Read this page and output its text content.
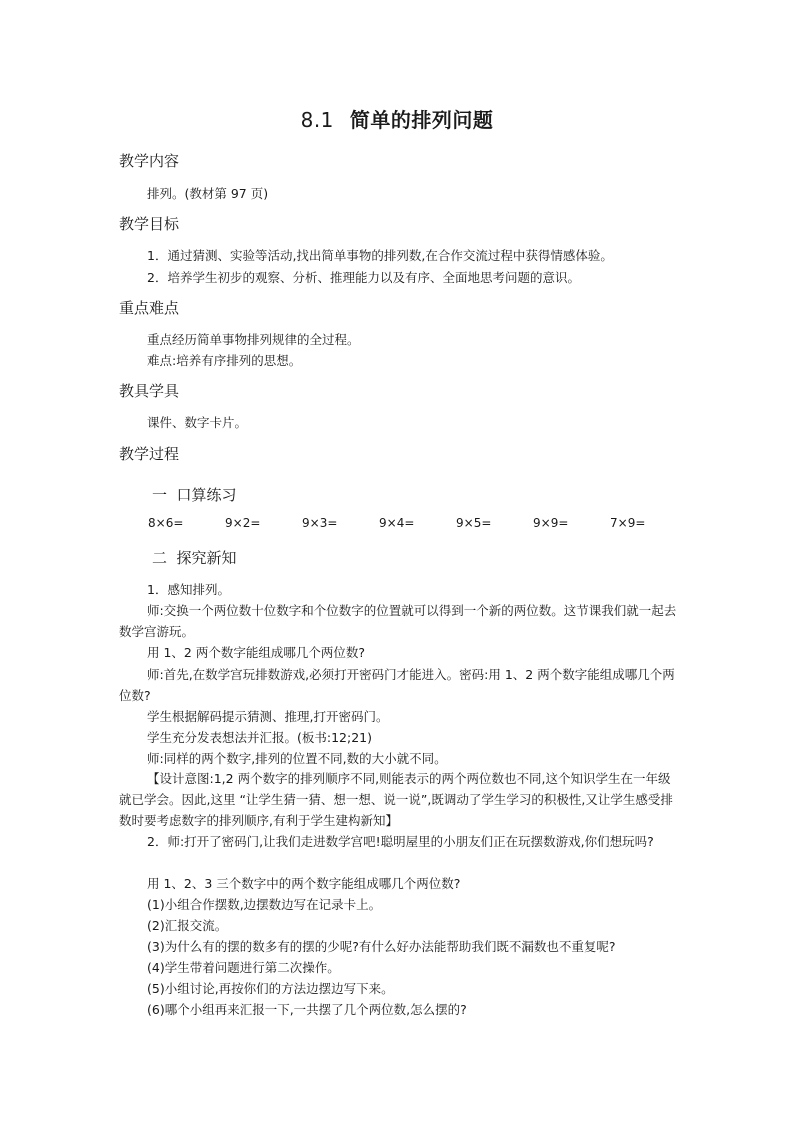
8.1 简单的排列问题
教学内容
排列。(教材第 97 页)
教学目标
1．通过猜测、实验等活动,找出简单事物的排列数,在合作交流过程中获得情感体验。
2．培养学生初步的观察、分析、推理能力以及有序、全面地思考问题的意识。
重点难点
重点经历简单事物排列规律的全过程。
难点:培养有序排列的思想。
教具学具
课件、数字卡片。
教学过程
一  口算练习
8×6=	9×2=	9×3=	9×4=	9×5=	9×9=	7×9=
二  探究新知
1．感知排列。
师:交换一个两位数十位数字和个位数字的位置就可以得到一个新的两位数。这节课我们就一起去数学宫游玩。
用 1、2 两个数字能组成哪几个两位数?
师:首先,在数学宫玩排数游戏,必须打开密码门才能进入。密码:用 1、2 两个数字能组成哪几个两位数?
学生根据解码提示猜测、推理,打开密码门。
学生充分发表想法并汇报。(板书:12;21)
师:同样的两个数字,排列的位置不同,数的大小就不同。
【设计意图:1,2 两个数字的排列顺序不同,则能表示的两个两位数也不同,这个知识学生在一年级就已学会。因此,这里 “让学生猜一猜、想一想、说一说”,既调动了学生学习的积极性,又让学生感受排数时要考虑数字的排列顺序,有利于学生建构新知】
2．师:打开了密码门,让我们走进数学宫吧!聪明屋里的小朋友们正在玩摆数游戏,你们想玩吗?
用 1、2、3 三个数字中的两个数字能组成哪几个两位数?
(1)小组合作摆数,边摆数边写在记录卡上。
(2)汇报交流。
(3)为什么有的摆的数多有的摆的少呢?有什么好办法能帮助我们既不漏数也不重复呢?
(4)学生带着问题进行第二次操作。
(5)小组讨论,再按你们的方法边摆边写下来。
(6)哪个小组再来汇报一下,一共摆了几个两位数,怎么摆的?
